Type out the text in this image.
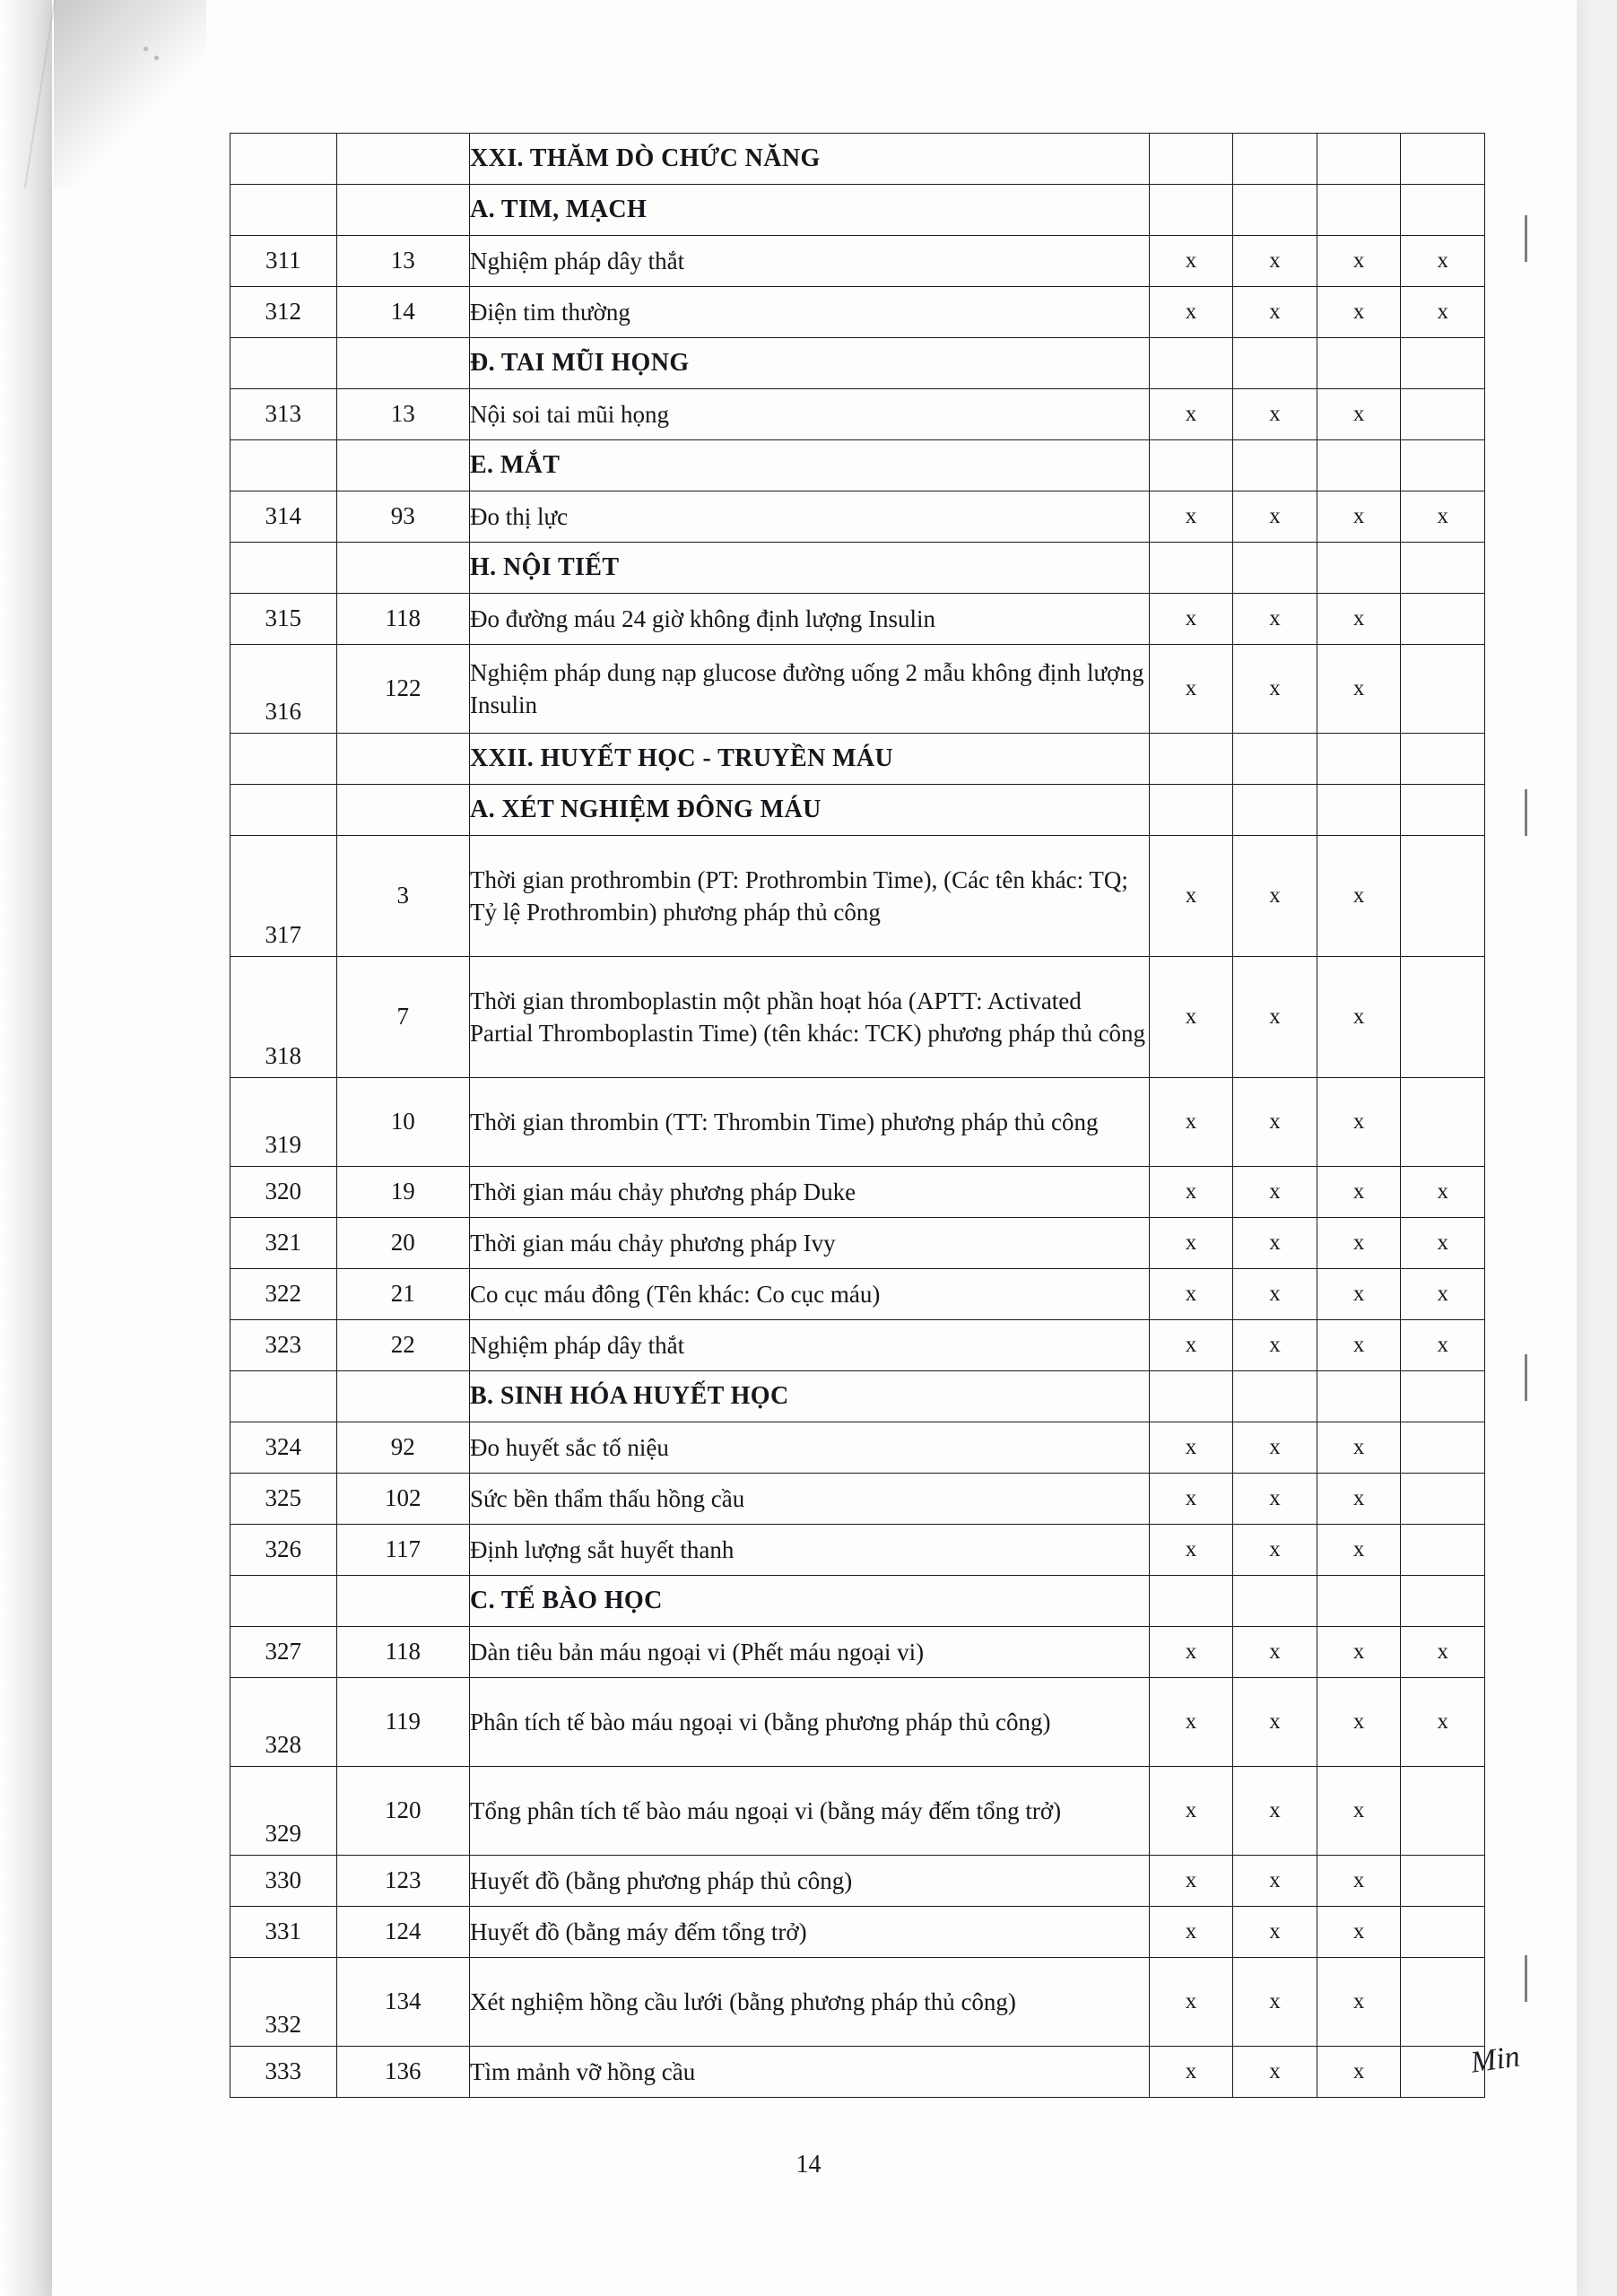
		XXI. THĂM DÒ CHỨC NĂNG				
		A. TIM, MẠCH				
311	13	Nghiệm pháp dây thắt	x	x	x	x
312	14	Điện tim thường	x	x	x	x
		Đ. TAI MŨI HỌNG				
313	13	Nội soi tai mũi họng	x	x	x	
		E. MẮT				
314	93	Đo thị lực	x	x	x	x
		H. NỘI TIẾT				
315	118	Đo đường máu 24 giờ không định lượng Insulin	x	x	x	
316	122	Nghiệm pháp dung nạp glucose đường uống 2 mẫu không định lượng Insulin	x	x	x	
		XXII. HUYẾT HỌC - TRUYỀN MÁU				
		A. XÉT NGHIỆM ĐÔNG MÁU				
317	3	Thời gian prothrombin (PT: Prothrombin Time), (Các tên khác: TQ; Tỷ lệ Prothrombin) phương pháp thủ công	x	x	x	
318	7	Thời gian thromboplastin một phần hoạt hóa (APTT: Activated Partial Thromboplastin Time) (tên khác: TCK) phương pháp thủ công	x	x	x	
319	10	Thời gian thrombin (TT: Thrombin Time) phương pháp thủ công	x	x	x	
320	19	Thời gian máu chảy phương pháp Duke	x	x	x	x
321	20	Thời gian máu chảy phương pháp Ivy	x	x	x	x
322	21	Co cục máu đông (Tên khác: Co cục máu)	x	x	x	x
323	22	Nghiệm pháp dây thắt	x	x	x	x
		B. SINH HÓA HUYẾT HỌC				
324	92	Đo huyết sắc tố niệu	x	x	x	
325	102	Sức bền thẩm thấu hồng cầu	x	x	x	
326	117	Định lượng sắt huyết thanh	x	x	x	
		C. TẾ BÀO HỌC				
327	118	Dàn tiêu bản máu ngoại vi (Phết máu ngoại vi)	x	x	x	x
328	119	Phân tích tế bào máu ngoại vi (bằng phương pháp thủ công)	x	x	x	x
329	120	Tổng phân tích tế bào máu ngoại vi (bằng máy đếm tổng trở)	x	x	x	
330	123	Huyết đồ (bằng phương pháp thủ công)	x	x	x	
331	124	Huyết đồ (bằng máy đếm tổng trở)	x	x	x	
332	134	Xét nghiệm hồng cầu lưới (bằng phương pháp thủ công)	x	x	x	
333	136	Tìm mảnh vỡ hồng cầu	x	x	x		Min
14
